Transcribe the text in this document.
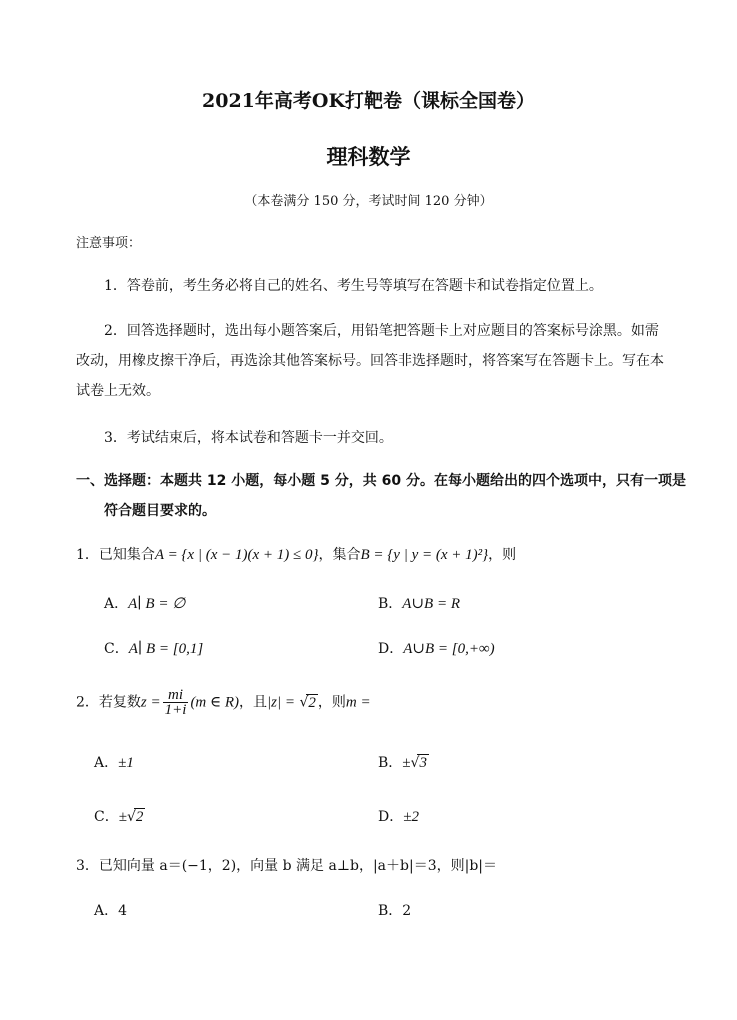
2021年高考OK打靶卷（课标全国卷）
理科数学
（本卷满分 150 分，考试时间 120 分钟）
注意事项：
1．答卷前，考生务必将自己的姓名、考生号等填写在答题卡和试卷指定位置上。
2．回答选择题时，选出每小题答案后，用铅笔把答题卡上对应题目的答案标号涂黑。如需
改动，用橡皮擦干净后，再选涂其他答案标号。回答非选择题时，将答案写在答题卡上。写在本
试卷上无效。
3．考试结束后，将本试卷和答题卡一并交回。
一、选择题：本题共 12 小题，每小题 5 分，共 60 分。在每小题给出的四个选项中，只有一项是
符合题目要求的。
1．已知集合A = {x | (x − 1)(x + 1) ≤ 0}，集合B = {y | y = (x + 1)²}，则
A．A∣ B = ∅	B．A∪B = R
C．A∣ B = [0,1]	D．A∪B = [0,+∞)
2．若复数$z = \frac{mi}{1+i} (m$ ∈ R)，且|z| = √2 ，则m =
A．±1	B．±√3
C．±√2	D．±2
3．已知向量 a＝(−1，2)，向量 b 满足 a⊥b，|a＋b|＝3，则|b|＝
A．4	B．2
